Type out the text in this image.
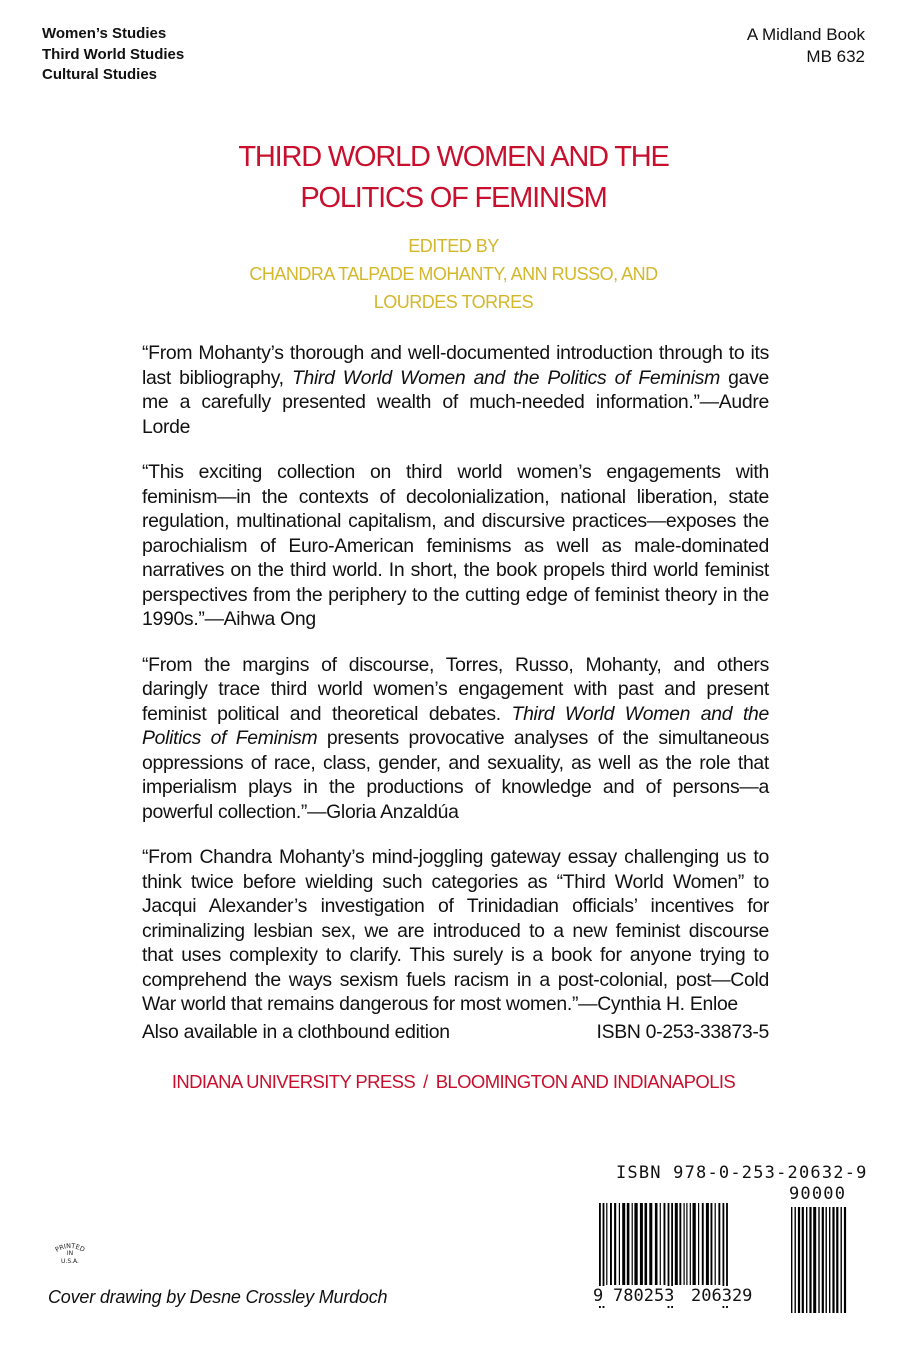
Women’s Studies
Third World Studies
Cultural Studies
A Midland Book
MB 632
THIRD WORLD WOMEN AND THE
POLITICS OF FEMINISM
EDITED BY
CHANDRA TALPADE MOHANTY, ANN RUSSO, AND
LOURDES TORRES

“From Mohanty’s thorough and well-documented introduction through to its last bibliography, Third World Women and the Politics of Feminism gave me a carefully presented wealth of much-needed information.”—Audre Lorde

“This exciting collection on third world women’s engagements with feminism—in the contexts of decolonialization, national liberation, state regulation, multinational capitalism, and discursive practices—exposes the parochialism of Euro-American feminisms as well as male-dominated narratives on the third world. In short, the book propels third world feminist perspectives from the periphery to the cutting edge of feminist theory in the 1990s.”—Aihwa Ong

“From the margins of discourse, Torres, Russo, Mohanty, and others daringly trace third world women’s engagement with past and present feminist political and theoretical debates. Third World Women and the Politics of Feminism presents provocative analyses of the simultaneous oppressions of race, class, gender, and sexuality, as well as the role that imperialism plays in the productions of knowledge and of persons—a powerful collection.”—Gloria Anzaldúa

“From Chandra Mohanty’s mind-joggling gateway essay challenging us to think twice before wielding such categories as “Third World Women” to Jacqui Alexander’s investigation of Trinidadian officials’ incentives for criminalizing lesbian sex, we are introduced to a new feminist discourse that uses complexity to clarify. This surely is a book for anyone trying to comprehend the ways sexism fuels racism in a post-colonial, post—Cold War world that remains dangerous for most women.”—Cynthia H. Enloe

Also available in a clothbound edition	ISBN 0-253-33873-5
INDIANA UNIVERSITY PRESS / BLOOMINGTON AND INDIANAPOLIS
PRINTED
IN
U.S.A.
Cover drawing by Desne Crossley Murdoch
ISBN 978-0-253-20632-9
90000
9 780253 206329
